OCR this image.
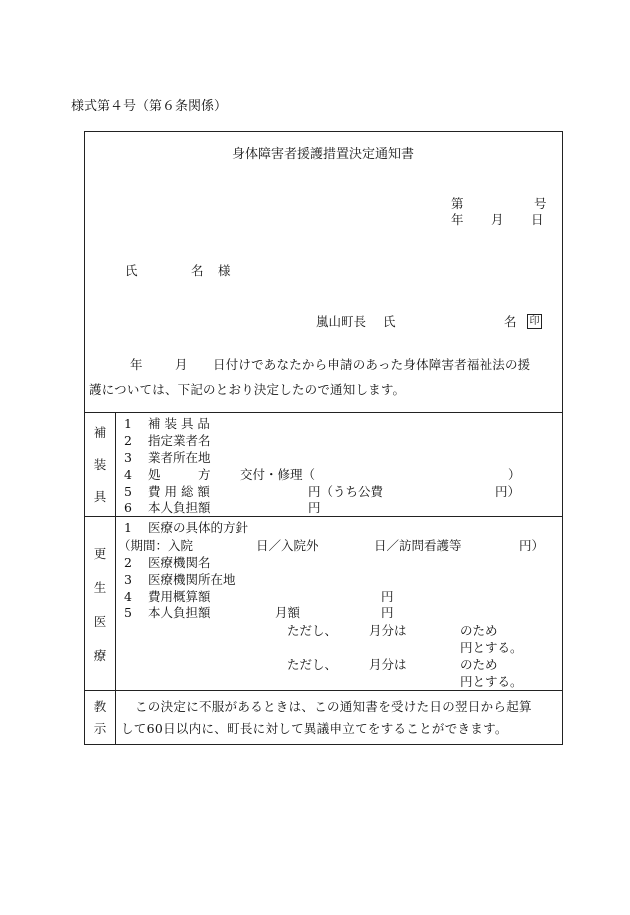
様式第４号（第６条関係）
身体障害者援護措置決定通知書
第	号
年 月 日
氏	名 様
嵐山町長 氏	名 印
年	月 日付けであなたから申請のあった身体障害者福祉法の援
護については、下記のとおり決定したので通知します。
補
装
具
1 補 装 具 品
2 指定業者名
3 業者所在地
4 処　　　方 交付・修理（	）
5 費 用 総 額	円（うち公費	円）
6 本人負担額	円
更
生
医
療
1 医療の具体的方針
（期間：入院	日／入院外	日／訪問看護等	円）
2 医療機関名
3 医療機関所在地
4 費用概算額	円
5 本人負担額	月額	円
ただし、	月分は	のため
円とする。
ただし、	月分は	のため
円とする。
教
示
この決定に不服があるときは、この通知書を受けた日の翌日から起算
して60日以内に、町長に対して異議申立てをすることができます。
